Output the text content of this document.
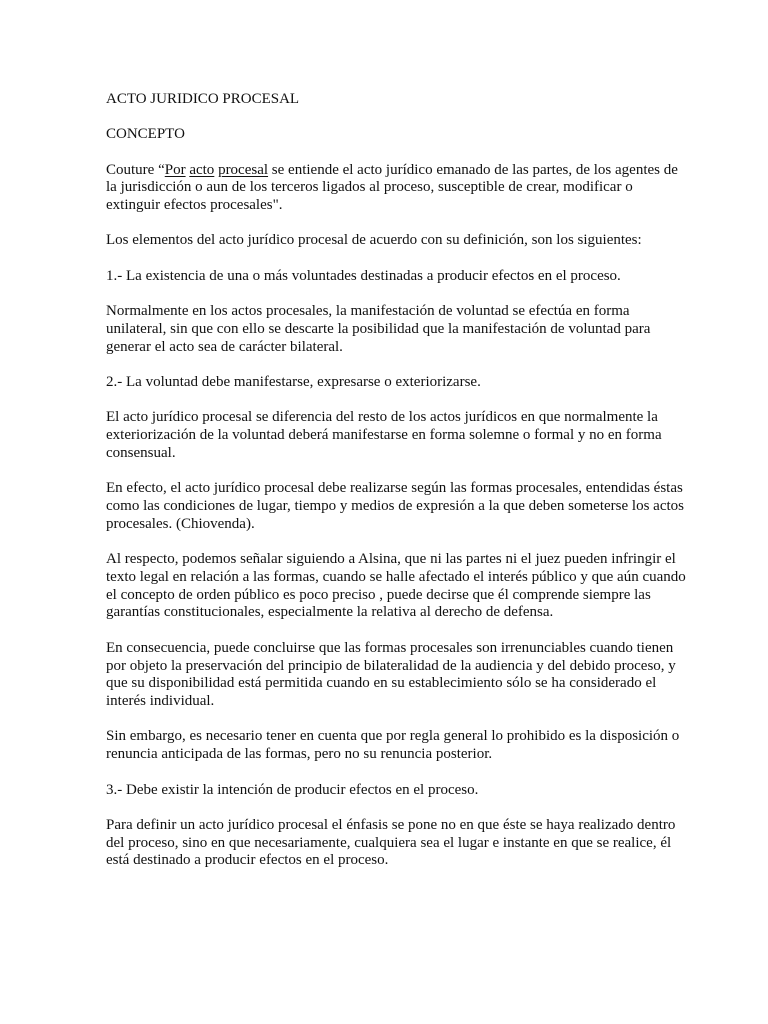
ACTO JURIDICO PROCESAL

CONCEPTO

Couture “Por acto procesal se entiende el acto jurídico emanado de las partes, de los agentes de la jurisdicción o aun de los terceros ligados al proceso, susceptible de crear, modificar o extinguir efectos procesales".

Los elementos del acto jurídico procesal de acuerdo con su definición, son los siguientes:

1.- La existencia de una o más voluntades destinadas a producir efectos en el proceso.

Normalmente en los actos procesales, la manifestación de voluntad se efectúa en forma unilateral, sin que con ello se descarte la posibilidad que la manifestación de voluntad para generar el acto sea de carácter bilateral.

2.- La voluntad debe manifestarse, expresarse o exteriorizarse.

El acto jurídico procesal se diferencia del resto de los actos jurídicos en que normalmente la exteriorización de la voluntad deberá manifestarse en forma solemne o formal y no en forma consensual.

En efecto, el acto jurídico procesal debe realizarse según las formas procesales, entendidas éstas como las condiciones de lugar, tiempo y medios de expresión a la que deben someterse los actos procesales. (Chiovenda).

Al respecto, podemos señalar siguiendo a Alsina, que ni las partes ni el juez pueden infringir el texto legal en relación a las formas, cuando se halle afectado el interés público y que aún cuando el concepto de orden público es poco preciso , puede decirse que él comprende siempre las garantías constitucionales, especialmente la relativa al derecho de defensa.

En consecuencia, puede concluirse que las formas procesales son irrenunciables cuando tienen por objeto la preservación del principio de bilateralidad de la audiencia y del debido proceso, y que su disponibilidad está permitida cuando en su establecimiento sólo se ha considerado el interés individual.

Sin embargo, es necesario tener en cuenta que por regla general lo prohibido es la disposición o renuncia anticipada de las formas, pero no su renuncia posterior.

3.- Debe existir la intención de producir efectos en el proceso.

Para definir un acto jurídico procesal el énfasis se pone no en que éste se haya realizado dentro del proceso, sino en que necesariamente, cualquiera sea el lugar e instante en que se realice, él está destinado a producir efectos en el proceso.
